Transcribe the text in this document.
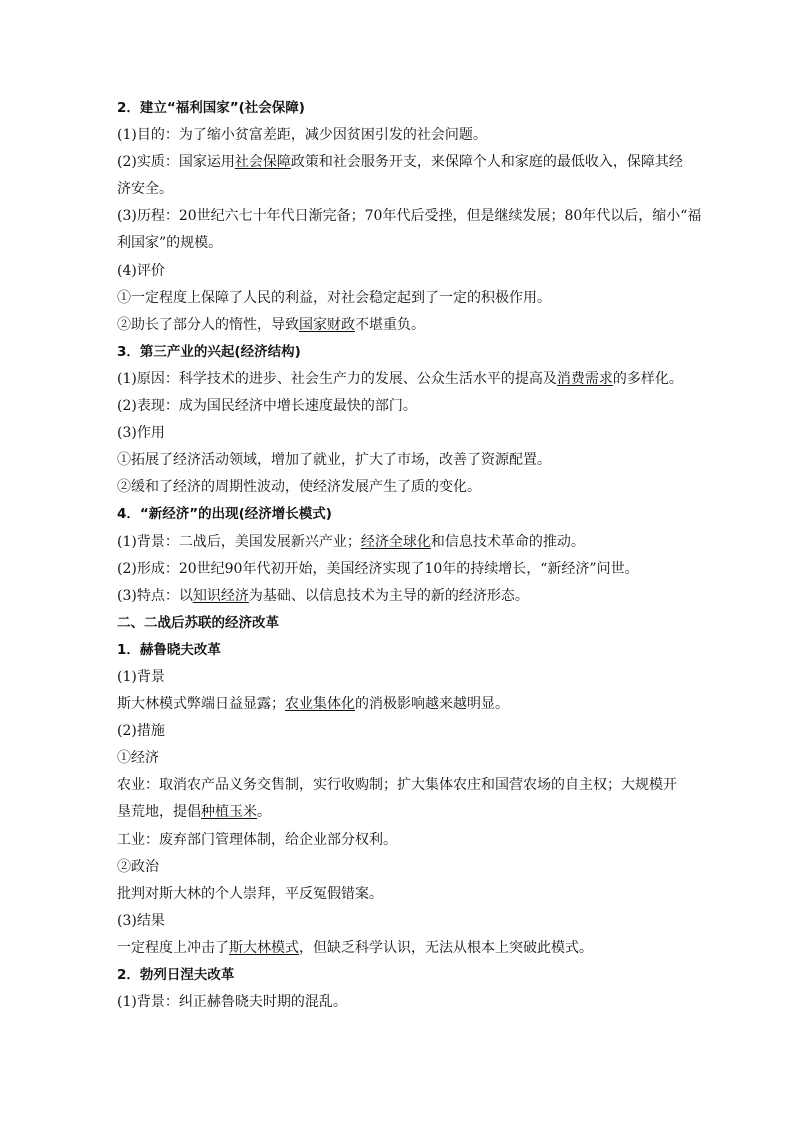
2．建立“福利国家”(社会保障)
(1)目的：为了缩小贫富差距，减少因贫困引发的社会问题。
(2)实质：国家运用社会保障政策和社会服务开支，来保障个人和家庭的最低收入，保障其经
济安全。
(3)历程：20世纪六七十年代日渐完备；70年代后受挫，但是继续发展；80年代以后，缩小“福
利国家”的规模。
(4)评价
①一定程度上保障了人民的利益，对社会稳定起到了一定的积极作用。
②助长了部分人的惰性，导致国家财政不堪重负。
3．第三产业的兴起(经济结构)
(1)原因：科学技术的进步、社会生产力的发展、公众生活水平的提高及消费需求的多样化。
(2)表现：成为国民经济中增长速度最快的部门。
(3)作用
①拓展了经济活动领域，增加了就业，扩大了市场，改善了资源配置。
②缓和了经济的周期性波动，使经济发展产生了质的变化。
4．“新经济”的出现(经济增长模式)
(1)背景：二战后，美国发展新兴产业；经济全球化和信息技术革命的推动。
(2)形成：20世纪90年代初开始，美国经济实现了10年的持续增长，“新经济”问世。
(3)特点：以知识经济为基础、以信息技术为主导的新的经济形态。
二、二战后苏联的经济改革
1．赫鲁晓夫改革
(1)背景
斯大林模式弊端日益显露；农业集体化的消极影响越来越明显。
(2)措施
①经济
农业：取消农产品义务交售制，实行收购制；扩大集体农庄和国营农场的自主权；大规模开
垦荒地，提倡种植玉米。
工业：废弃部门管理体制，给企业部分权利。
②政治
批判对斯大林的个人崇拜，平反冤假错案。
(3)结果
一定程度上冲击了斯大林模式，但缺乏科学认识，无法从根本上突破此模式。
2．勃列日涅夫改革
(1)背景：纠正赫鲁晓夫时期的混乱。
